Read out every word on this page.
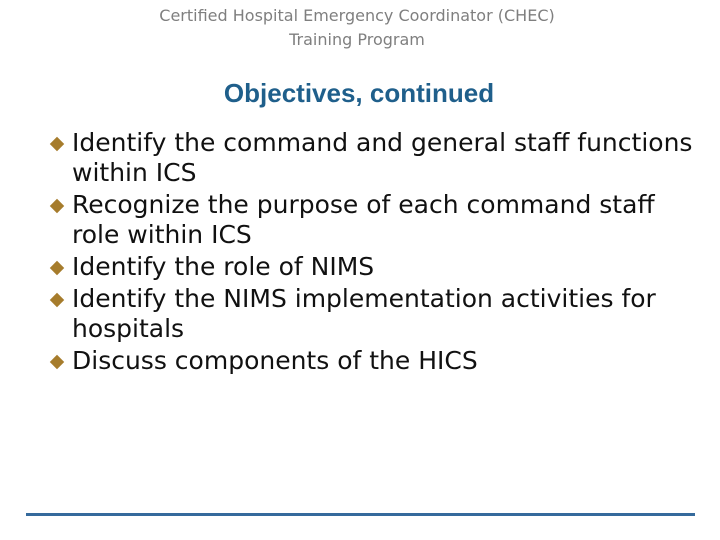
Certified Hospital Emergency Coordinator (CHEC)
Training Program
Objectives, continued
Identify the command and general staff functions within ICS
Recognize the purpose of each command staff role within ICS
Identify the role of NIMS
Identify the NIMS implementation activities for hospitals
Discuss components of the HICS
